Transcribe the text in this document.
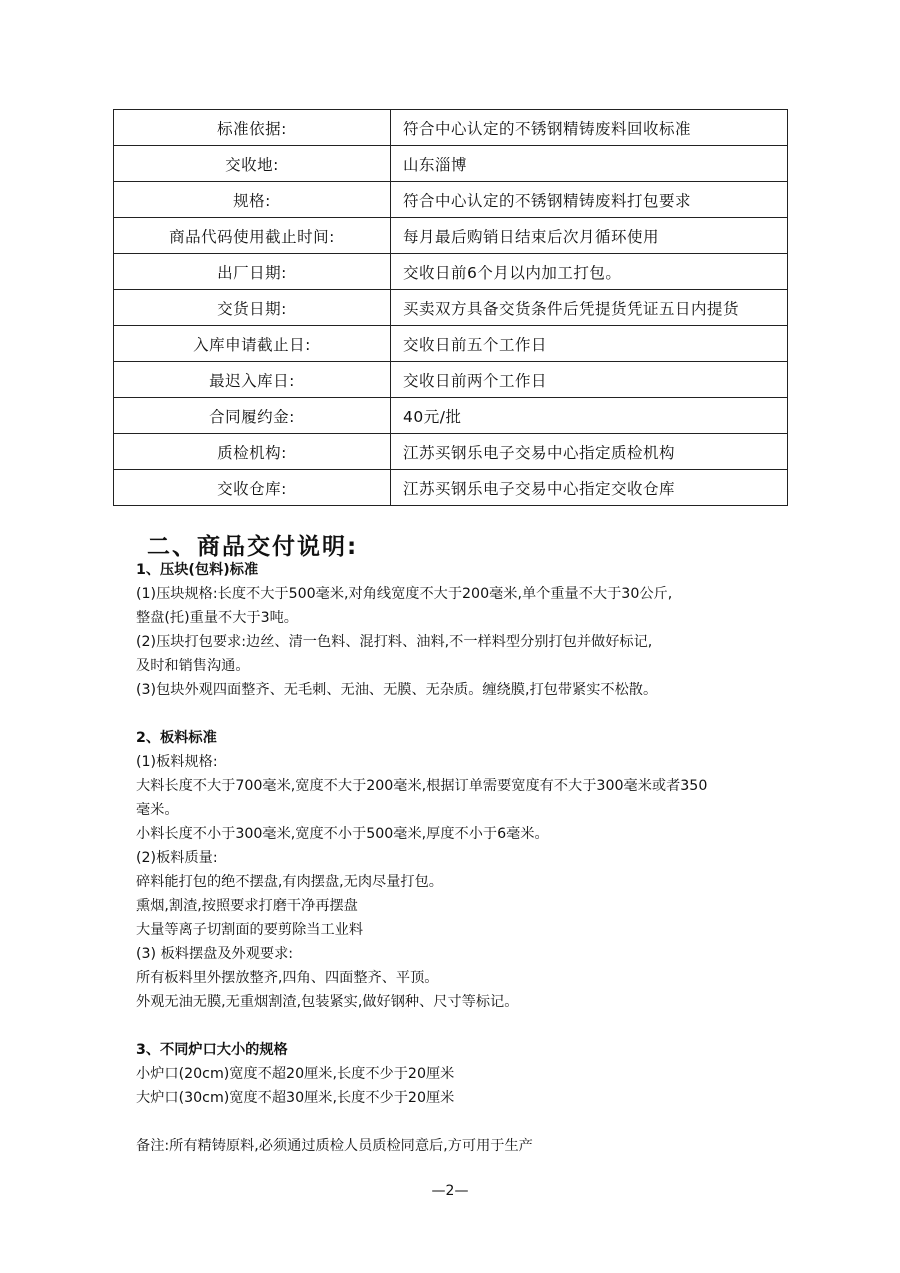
标准依据:	符合中心认定的不锈钢精铸废料回收标准
交收地:	山东淄博
规格:	符合中心认定的不锈钢精铸废料打包要求
商品代码使用截止时间:	每月最后购销日结束后次月循环使用
出厂日期:	交收日前6个月以内加工打包。
交货日期:	买卖双方具备交货条件后凭提货凭证五日内提货
入库申请截止日:	交收日前五个工作日
最迟入库日:	交收日前两个工作日
合同履约金:	40元/批
质检机构:	江苏买钢乐电子交易中心指定质检机构
交收仓库:	江苏买钢乐电子交易中心指定交收仓库
二、商品交付说明:

1、压块(包料)标准

(1)压块规格:长度不大于500毫米,对角线宽度不大于200毫米,单个重量不大于30公斤,

整盘(托)重量不大于3吨。

(2)压块打包要求:边丝、清一色料、混打料、油料,不一样料型分别打包并做好标记,

及时和销售沟通。

(3)包块外观四面整齐、无毛刺、无油、无膜、无杂质。缠绕膜,打包带紧实不松散。

2、板料标准

(1)板料规格:

大料长度不大于700毫米,宽度不大于200毫米,根据订单需要宽度有不大于300毫米或者350

毫米。

小料长度不小于300毫米,宽度不小于500毫米,厚度不小于6毫米。

(2)板料质量:

碎料能打包的绝不摆盘,有肉摆盘,无肉尽量打包。

熏烟,割渣,按照要求打磨干净再摆盘

大量等离子切割面的要剪除当工业料

(3) 板料摆盘及外观要求:

所有板料里外摆放整齐,四角、四面整齐、平顶。

外观无油无膜,无重烟割渣,包装紧实,做好钢种、尺寸等标记。

3、不同炉口大小的规格

小炉口(20cm)宽度不超20厘米,长度不少于20厘米

大炉口(30cm)宽度不超30厘米,长度不少于20厘米

备注:所有精铸原料,必须通过质检人员质检同意后,方可用于生产

—2—
